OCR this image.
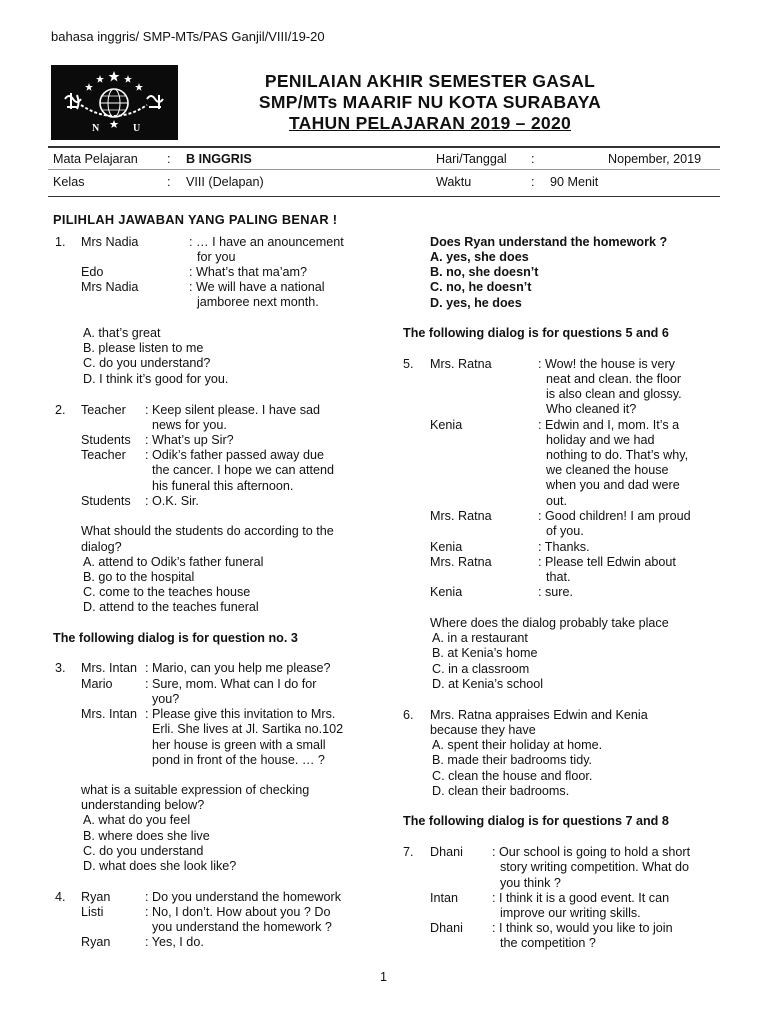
bahasa inggris/ SMP-MTs/PAS Ganjil/VIII/19-20
N	U
PENILAIAN AKHIR SEMESTER GASAL
SMP/MTs MAARIF NU KOTA SURABAYA
TAHUN PELAJARAN 2019 – 2020
Mata Pelajaran : B INGGRIS	Hari/Tanggal :	Nopember, 2019
Kelas	: VIII (Delapan)	Waktu	: 90 Menit
PILIHLAH JAWABAN YANG PALING BENAR !
1. Mrs Nadia	: … I have an anouncement
for you
Edo	: What’s that ma’am?
Mrs Nadia	: We will have a national
jamboree next month.
A. that’s great
B. please listen to me
C. do you understand?
D. I think it’s good for you.
2. Teacher : Keep silent please. I have sad
news for you.
Students : What’s up Sir?
Teacher : Odik’s father passed away due
the cancer. I hope we can attend
his funeral this afternoon.
Students : O.K. Sir.
What should the students do according to the
dialog?
A. attend to Odik’s father funeral
B. go to the hospital
C. come to the teaches house
D. attend to the teaches funeral
The following dialog is for question no. 3
3. Mrs. Intan : Mario, can you help me please?
Mario	: Sure, mom. What can I do for
you?
Mrs. Intan : Please give this invitation to Mrs.
Erli. She lives at Jl. Sartika no.102
her house is green with a small
pond in front of the house. … ?
what is a suitable expression of checking
understanding below?
A. what do you feel
B. where does she live
C. do you understand
D. what does she look like?
4. Ryan	: Do you understand the homework
Listi	: No, I don’t. How about you ? Do
you understand the homework ?
Ryan	: Yes, I do.
Does Ryan understand the homework ?
A. yes, she does
B. no, she doesn’t
C. no, he doesn’t
D. yes, he does
The following dialog is for questions 5 and 6
5. Mrs. Ratna	: Wow! the house is very
neat and clean. the floor
is also clean and glossy.
Who cleaned it?
Kenia	: Edwin and I, mom. It’s a
holiday and we had
nothing to do. That’s why,
we cleaned the house
when you and dad were
out.
Mrs. Ratna	: Good children! I am proud
of you.
Kenia	: Thanks.
Mrs. Ratna	: Please tell Edwin about
that.
Kenia	: sure.
Where does the dialog probably take place
A. in a restaurant
B. at Kenia’s home
C. in a classroom
D. at Kenia’s school
6. Mrs. Ratna appraises Edwin and Kenia
because they have
A. spent their holiday at home.
B. made their badrooms tidy.
C. clean the house and floor.
D. clean their badrooms.
The following dialog is for questions 7 and 8
7. Dhani : Our school is going to hold a short
story writing competition. What do
you think ?
Intan	: I think it is a good event. It can
improve our writing skills.
Dhani : I think so, would you like to join
the competition ?
1
